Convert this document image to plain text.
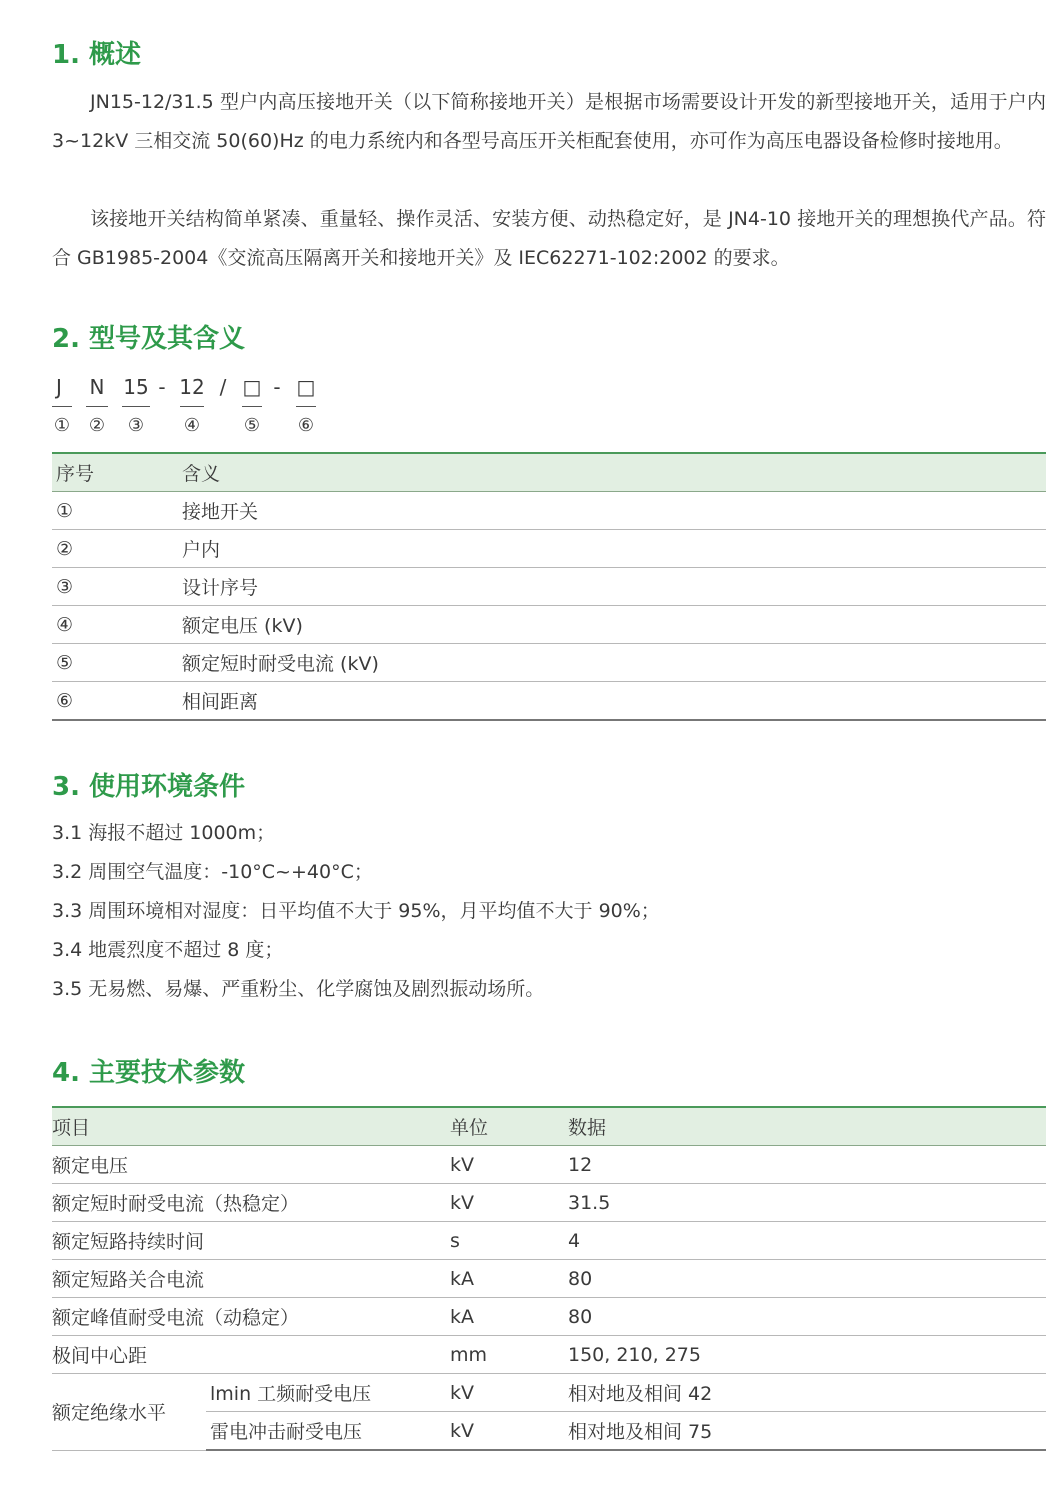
1. 概述

JN15-12/31.5 型户内高压接地开关（以下简称接地开关）是根据市场需要设计开发的新型接地开关，适用于户内 3~12kV 三相交流 50(60)Hz 的电力系统内和各型号高压开关柜配套使用，亦可作为高压电器设备检修时接地用。

该接地开关结构简单紧凑、重量轻、操作灵活、安装方便、动热稳定好，是 JN4-10 接地开关的理想换代产品。符合 GB1985-2004《交流高压隔离开关和接地开关》及 IEC62271-102:2002 的要求。

2. 型号及其含义
J N 15 - 12 / □ - □
① ② ③ ④ ⑤ ⑥
序号	含义
①	接地开关
②	户内
③	设计序号
④	额定电压 (kV)
⑤	额定短时耐受电流 (kV)
⑥	相间距离
3. 使用环境条件
3.1 海报不超过 1000m；
3.2 周围空气温度：-10°C~+40°C；
3.3 周围环境相对湿度：日平均值不大于 95%，月平均值不大于 90%；
3.4 地震烈度不超过 8 度；
3.5 无易燃、易爆、严重粉尘、化学腐蚀及剧烈振动场所。
4. 主要技术参数
项目		单位	数据
额定电压		kV	12
额定短时耐受电流（热稳定）		kV	31.5
额定短路持续时间		s	4
额定短路关合电流		kA	80
额定峰值耐受电流（动稳定）		kA	80
极间中心距		mm	150, 210, 275
额定绝缘水平	lmin 工频耐受电压	kV	相对地及相间 42
	雷电冲击耐受电压	kV	相对地及相间 75
